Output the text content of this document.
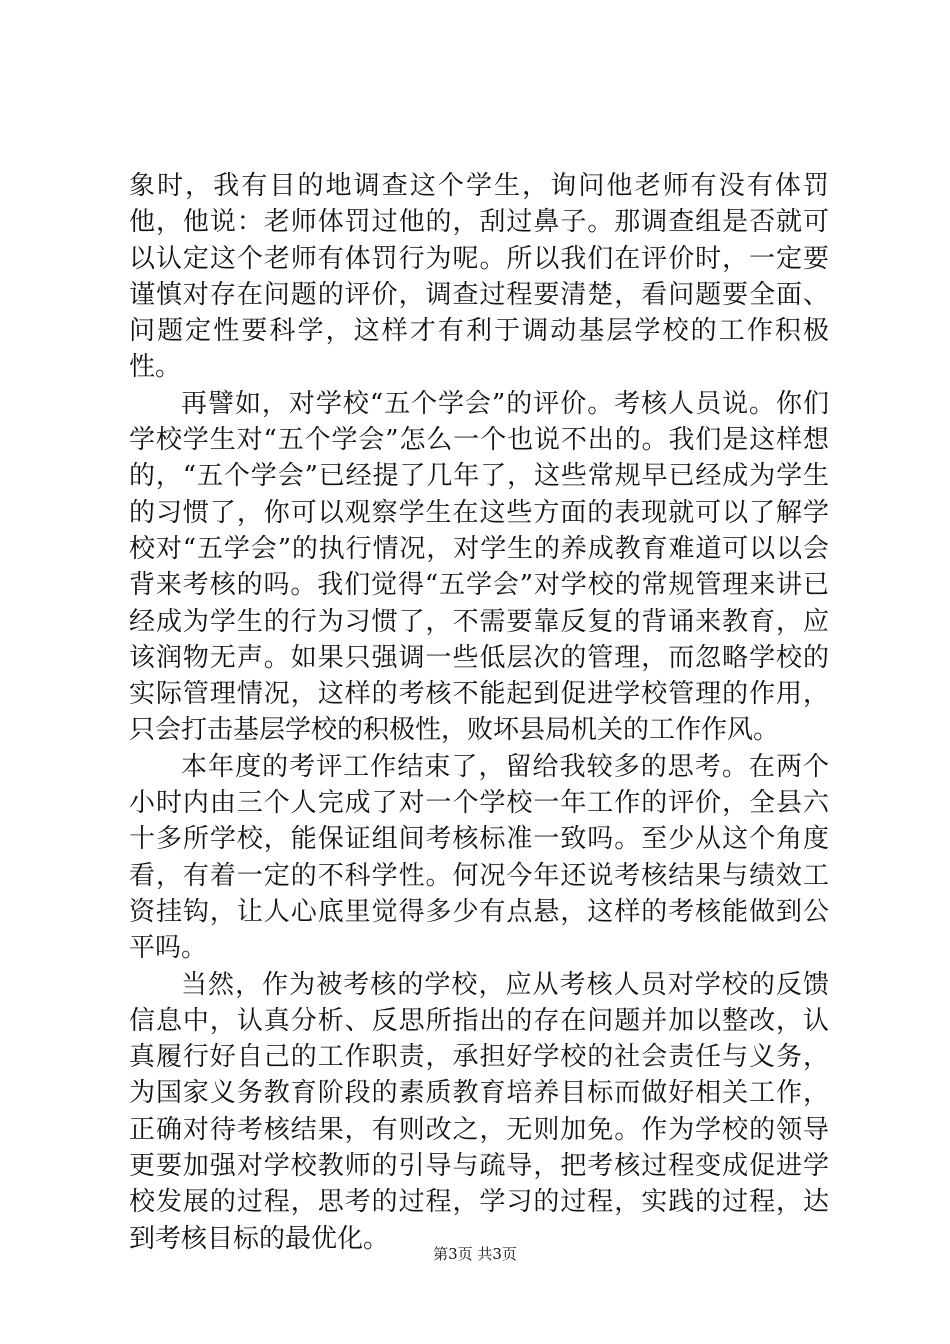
象时，我有目的地调查这个学生，询问他老师有没有体罚他，他说：老师体罚过他的，刮过鼻子。那调查组是否就可以认定这个老师有体罚行为呢。所以我们在评价时，一定要谨慎对存在问题的评价，调查过程要清楚，看问题要全面、问题定性要科学，这样才有利于调动基层学校的工作积极性。

再譬如，对学校“五个学会”的评价。考核人员说。你们学校学生对“五个学会”怎么一个也说不出的。我们是这样想的，“五个学会”已经提了几年了，这些常规早已经成为学生的习惯了，你可以观察学生在这些方面的表现就可以了解学校对“五学会”的执行情况，对学生的养成教育难道可以以会背来考核的吗。我们觉得“五学会”对学校的常规管理来讲已经成为学生的行为习惯了，不需要靠反复的背诵来教育，应该润物无声。如果只强调一些低层次的管理，而忽略学校的实际管理情况，这样的考核不能起到促进学校管理的作用，只会打击基层学校的积极性，败坏县局机关的工作作风。

本年度的考评工作结束了，留给我较多的思考。在两个小时内由三个人完成了对一个学校一年工作的评价，全县六十多所学校，能保证组间考核标准一致吗。至少从这个角度看，有着一定的不科学性。何况今年还说考核结果与绩效工资挂钩，让人心底里觉得多少有点悬，这样的考核能做到公平吗。

当然，作为被考核的学校，应从考核人员对学校的反馈信息中，认真分析、反思所指出的存在问题并加以整改，认真履行好自己的工作职责，承担好学校的社会责任与义务，为国家义务教育阶段的素质教育培养目标而做好相关工作，正确对待考核结果，有则改之，无则加免。作为学校的领导更要加强对学校教师的引导与疏导，把考核过程变成促进学校发展的过程，思考的过程，学习的过程，实践的过程，达到考核目标的最优化。

第3页 共3页
